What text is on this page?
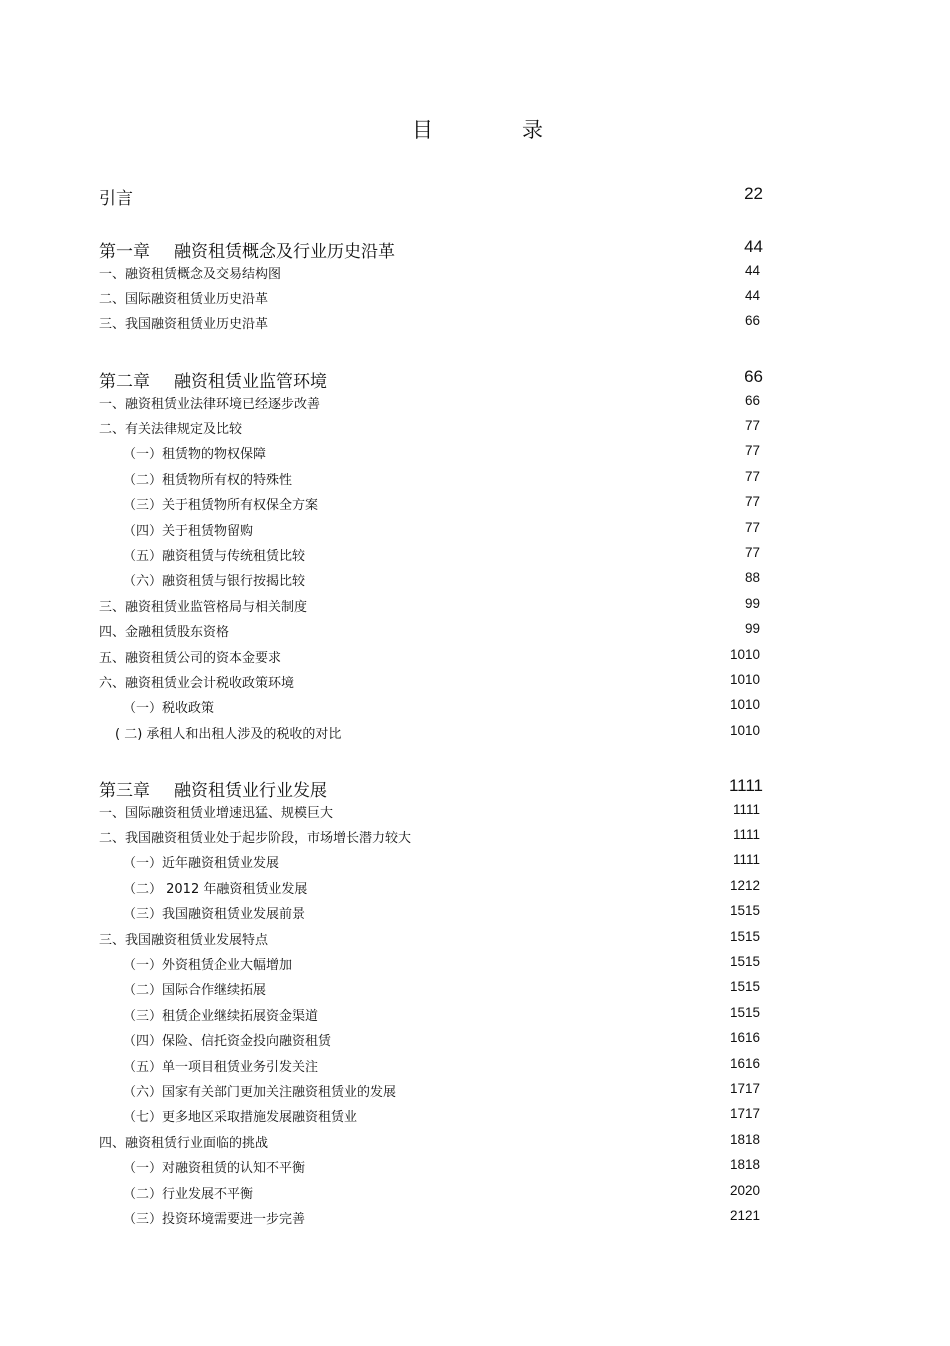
目	录
引言	22
第一章 融资租赁概念及行业历史沿革	44
一、融资租赁概念及交易结构图	44
二、国际融资租赁业历史沿革	44
三、我国融资租赁业历史沿革	66
第二章 融资租赁业监管环境	66
一、融资租赁业法律环境已经逐步改善	66
二、有关法律规定及比较	77
（一）租赁物的物权保障	77
（二）租赁物所有权的特殊性	77
（三）关于租赁物所有权保全方案	77
（四）关于租赁物留购	77
（五）融资租赁与传统租赁比较	77
（六）融资租赁与银行按揭比较	88
三、融资租赁业监管格局与相关制度	99
四、金融租赁股东资格	99
五、融资租赁公司的资本金要求	1010
六、融资租赁业会计税收政策环境	1010
（一）税收政策	1010
( 二) 承租人和出租人涉及的税收的对比	1010
第三章 融资租赁业行业发展	1111
一、国际融资租赁业增速迅猛、规模巨大	1111
二、我国融资租赁业处于起步阶段，市场增长潜力较大	1111
（一）近年融资租赁业发展	1111
（二） 2012 年融资租赁业发展	1212
（三）我国融资租赁业发展前景	1515
三、我国融资租赁业发展特点	1515
（一）外资租赁企业大幅增加	1515
（二）国际合作继续拓展	1515
（三）租赁企业继续拓展资金渠道	1515
（四）保险、信托资金投向融资租赁	1616
（五）单一项目租赁业务引发关注	1616
（六）国家有关部门更加关注融资租赁业的发展	1717
（七）更多地区采取措施发展融资租赁业	1717
四、融资租赁行业面临的挑战	1818
（一）对融资租赁的认知不平衡	1818
（二）行业发展不平衡	2020
（三）投资环境需要进一步完善	2121
